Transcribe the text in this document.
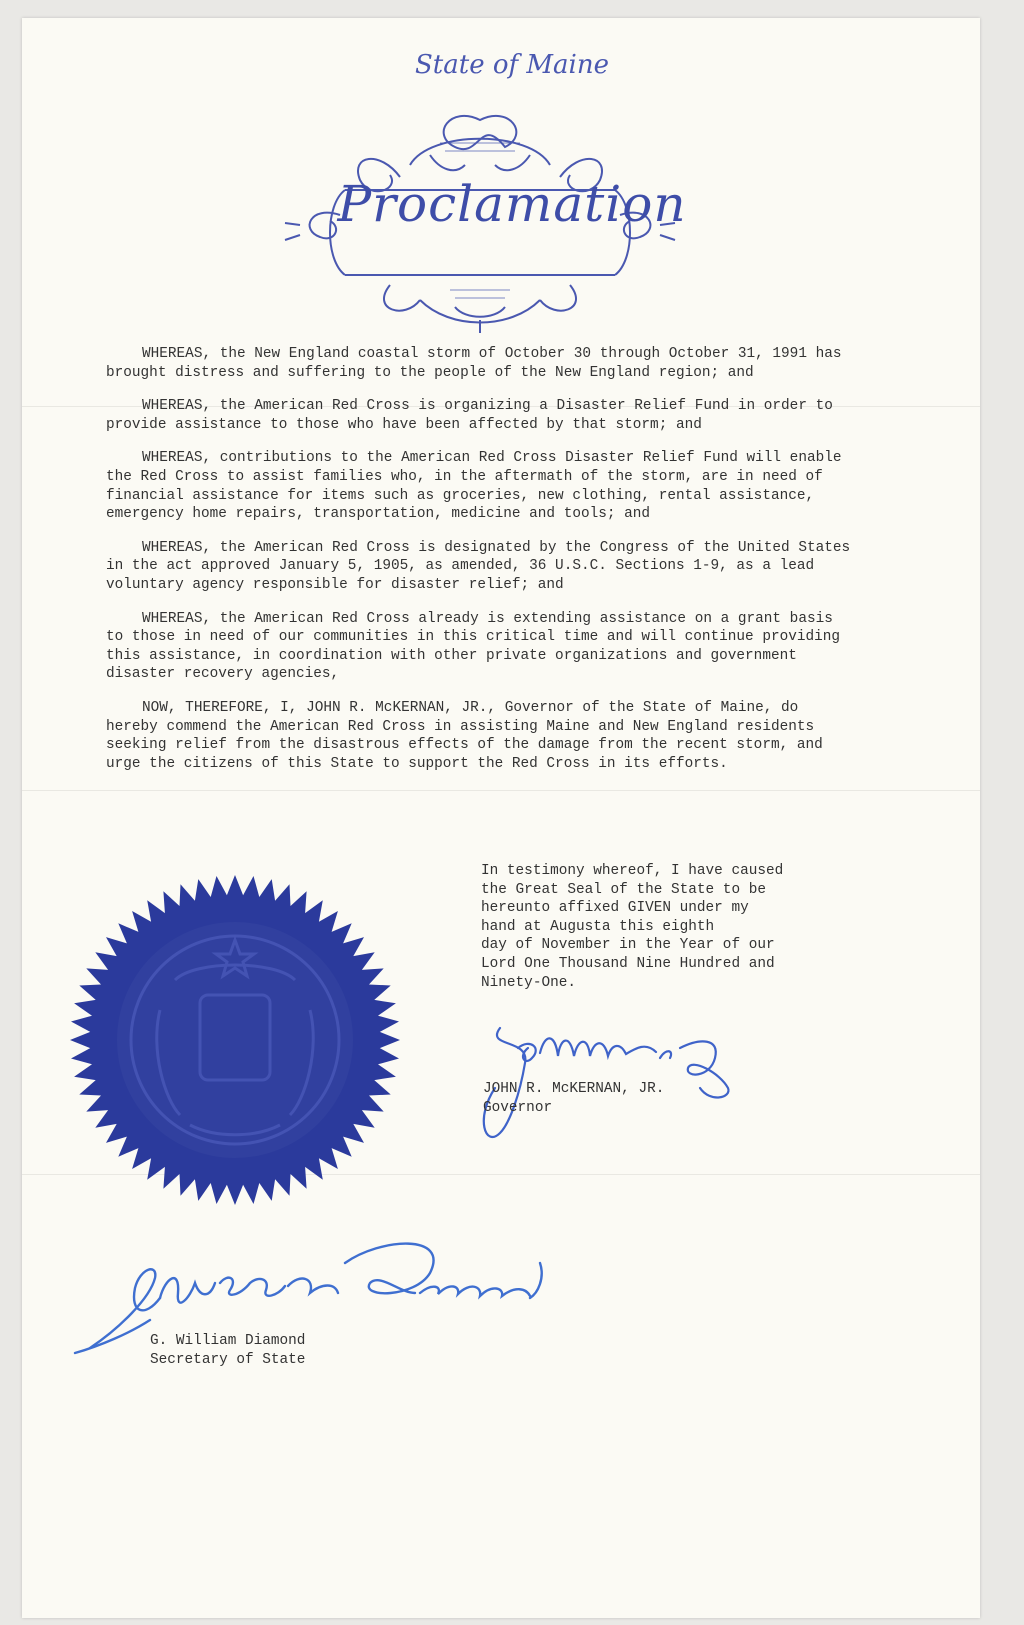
State of Maine
Proclamation

WHEREAS, the New England coastal storm of October 30 through October 31, 1991 has brought distress and suffering to the people of the New England region; and

WHEREAS, the American Red Cross is organizing a Disaster Relief Fund in order to provide assistance to those who have been affected by that storm; and

WHEREAS, contributions to the American Red Cross Disaster Relief Fund will enable the Red Cross to assist families who, in the aftermath of the storm, are in need of financial assistance for items such as groceries, new clothing, rental assistance, emergency home repairs, transportation, medicine and tools; and

WHEREAS, the American Red Cross is designated by the Congress of the United States in the act approved January 5, 1905, as amended, 36 U.S.C. Sections 1-9, as a lead voluntary agency responsible for disaster relief; and

WHEREAS, the American Red Cross already is extending assistance on a grant basis to those in need of our communities in this critical time and will continue providing this assistance, in coordination with other private organizations and government disaster recovery agencies,

NOW, THEREFORE, I, JOHN R. McKERNAN, JR., Governor of the State of Maine, do hereby commend the American Red Cross in assisting Maine and New England residents seeking relief from the disastrous effects of the damage from the recent storm, and urge the citizens of this State to support the Red Cross in its efforts.

In testimony whereof, I have caused
the Great Seal of the State to be
hereunto affixed GIVEN under my
hand at Augusta this eighth
day of November in the Year of our
Lord One Thousand Nine Hundred and
Ninety-One.
JOHN R. McKERNAN, JR.
Governor
G. William Diamond
Secretary of State
